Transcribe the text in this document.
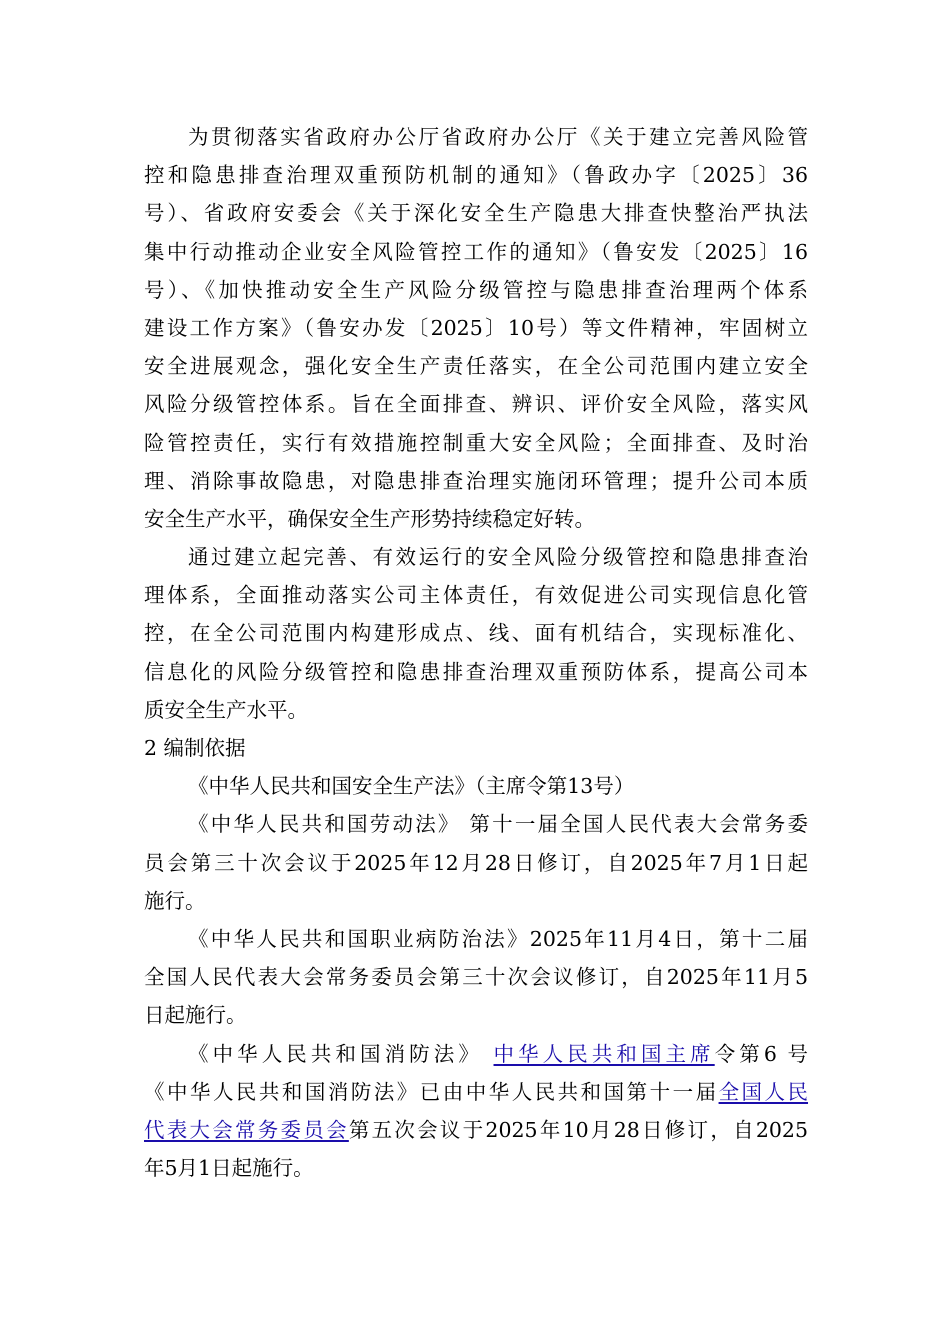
为贯彻落实省政府办公厅省政府办公厅《关于建立完善风险管
控和隐患排查治理双重预防机制的通知》（鲁政办字〔2025〕36
号）、省政府安委会《关于深化安全生产隐患大排查快整治严执法
集中行动推动企业安全风险管控工作的通知》（鲁安发〔2025〕16
号）、《加快推动安全生产风险分级管控与隐患排查治理两个体系
建设工作方案》（鲁安办发〔2025〕10号）等文件精神，牢固树立
安全进展观念，强化安全生产责任落实，在全公司范围内建立安全
风险分级管控体系。旨在全面排查、辨识、评价安全风险，落实风
险管控责任，实行有效措施控制重大安全风险；全面排查、及时治
理、消除事故隐患，对隐患排查治理实施闭环管理；提升公司本质
安全生产水平，确保安全生产形势持续稳定好转。
通过建立起完善、有效运行的安全风险分级管控和隐患排查治
理体系，全面推动落实公司主体责任，有效促进公司实现信息化管
控，在全公司范围内构建形成点、线、面有机结合，实现标准化、
信息化的风险分级管控和隐患排查治理双重预防体系，提高公司本
质安全生产水平。
2 编制依据
《中华人民共和国安全生产法》（主席令第13号）
《中华人民共和国劳动法》 第十一届全国人民代表大会常务委
员会第三十次会议于2025年12月28日修订，自2025年7月1日起
施行。
《中华人民共和国职业病防治法》2025年11月4日，第十二届
全国人民代表大会常务委员会第三十次会议修订，自2025年11月5
日起施行。
《中华人民共和国消防法》 中华人民共和国主席令第6 号
《中华人民共和国消防法》已由中华人民共和国第十一届全国人民
代表大会常务委员会第五次会议于2025年10月28日修订，自2025
年5月1日起施行。
